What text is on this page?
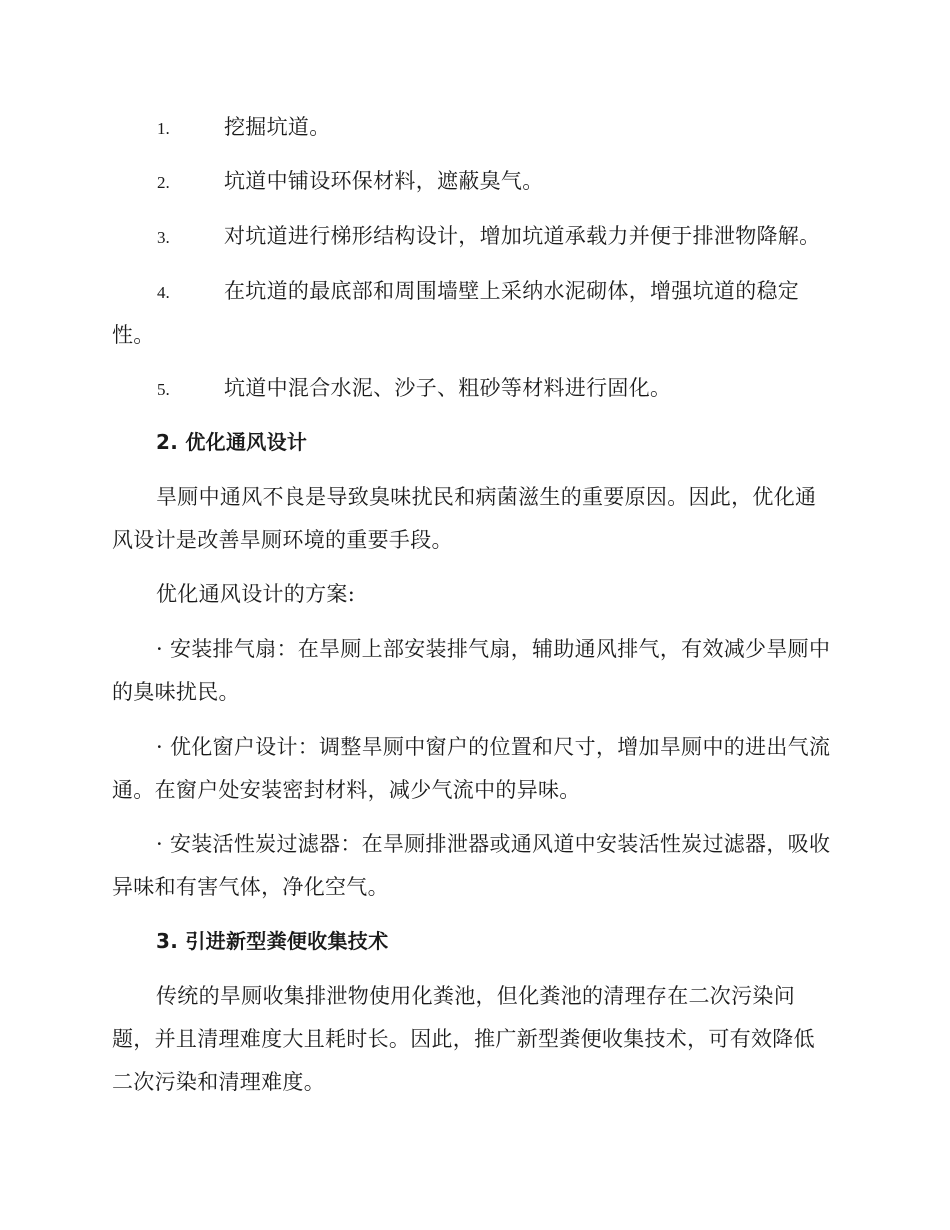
1.	挖掘坑道。
2.	坑道中铺设环保材料，遮蔽臭气。
3.	对坑道进行梯形结构设计，增加坑道承载力并便于排泄物降解。
4.	在坑道的最底部和周围墙壁上采纳水泥砌体，增强坑道的稳定
性。
5.	坑道中混合水泥、沙子、粗砂等材料进行固化。
2. 优化通风设计
旱厕中通风不良是导致臭味扰民和病菌滋生的重要原因。因此，优化通风设计是改善旱厕环境的重要手段。
优化通风设计的方案:
· 安装排气扇：在旱厕上部安装排气扇，辅助通风排气，有效减少旱厕中的臭味扰民。
· 优化窗户设计：调整旱厕中窗户的位置和尺寸，增加旱厕中的进出气流通。在窗户处安装密封材料，减少气流中的异味。
· 安装活性炭过滤器：在旱厕排泄器或通风道中安装活性炭过滤器，吸收异味和有害气体，净化空气。
3. 引进新型粪便收集技术
传统的旱厕收集排泄物使用化粪池，但化粪池的清理存在二次污染问题，并且清理难度大且耗时长。因此，推广新型粪便收集技术，可有效降低二次污染和清理难度。
